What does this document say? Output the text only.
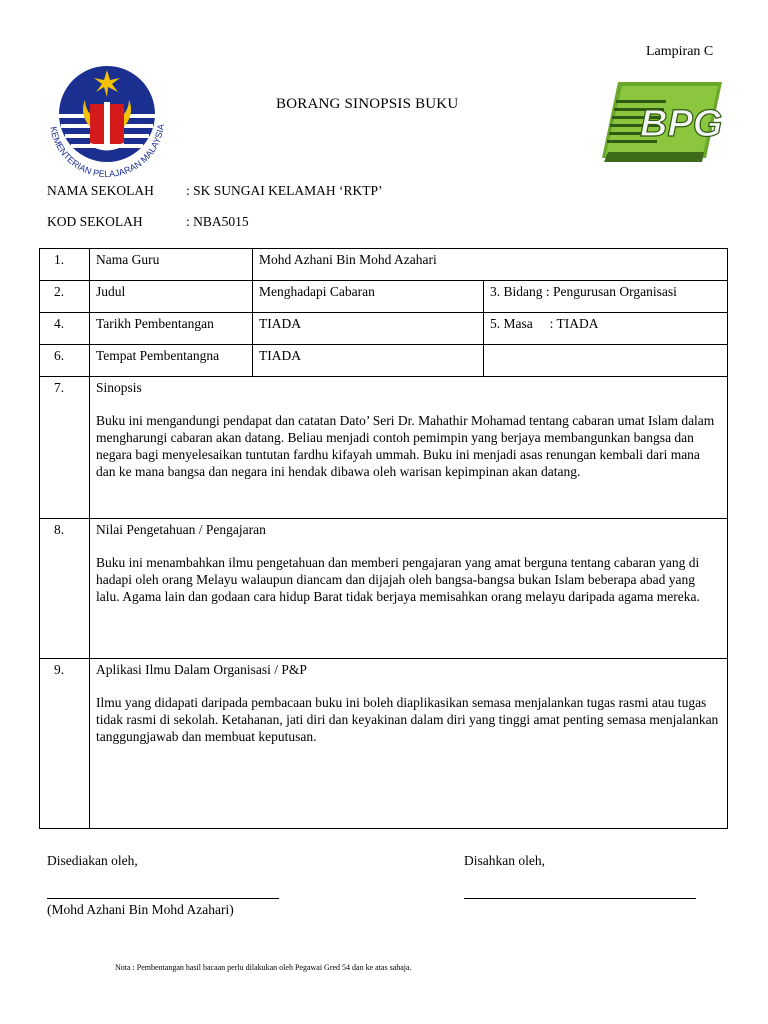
Lampiran C
KEMENTERIAN PELAJARAN MALAYSIA
BORANG SINOPSIS BUKU	BPG
NAMA SEKOLAH : SK SUNGAI KELAMAH ‘RKTP’
KOD SEKOLAH	: NBA5015
1.	Nama Guru	Mohd Azhani Bin Mohd Azahari	
2.	Judul	Menghadapi Cabaran	3. Bidang : Pengurusan Organisasi
4.	Tarikh Pembentangan	TIADA	5. Masa     : TIADA
6.	Tempat Pembentangna	TIADA	
7.	Sinopsis
Buku ini mengandungi pendapat dan catatan Dato’ Seri Dr. Mahathir Mohamad tentang cabaran umat Islam dalam mengharungi cabaran akan datang. Beliau menjadi contoh pemimpin yang berjaya membangunkan bangsa dan negara bagi menyelesaikan tuntutan fardhu kifayah ummah. Buku ini menjadi asas renungan kembali dari mana dan ke mana bangsa dan negara ini hendak dibawa oleh warisan kepimpinan akan datang.		

8.	Nilai Pengetahuan / Pengajaran
Buku ini menambahkan ilmu pengetahuan dan memberi pengajaran yang amat berguna tentang cabaran yang di hadapi oleh orang Melayu walaupun diancam dan dijajah oleh bangsa-bangsa bukan Islam beberapa abad yang lalu. Agama lain dan godaan cara hidup Barat tidak berjaya memisahkan orang melayu daripada agama mereka.		

9.	Aplikasi Ilmu Dalam Organisasi / P&P
Ilmu yang didapati daripada pembacaan buku ini boleh diaplikasikan semasa menjalankan tugas rasmi atau tugas tidak rasmi di sekolah. Ketahanan, jati diri dan keyakinan dalam diri yang tinggi amat penting semasa menjalankan tanggungjawab dan membuat keputusan.		
Disediakan oleh,	Disahkan oleh,
(Mohd Azhani Bin Mohd Azahari)
Nota : Pembentangan hasil bacaan perlu dilakukan oleh Pegawai Gred 54 dan ke atas sahaja.
